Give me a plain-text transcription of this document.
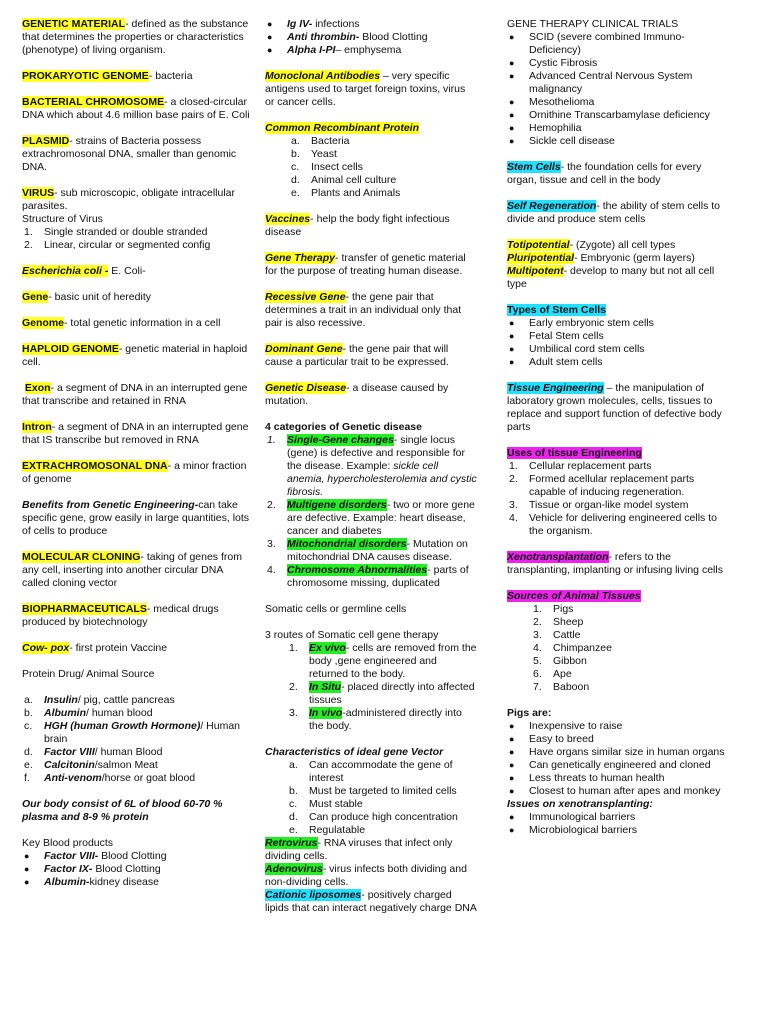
GENETIC MATERIAL- defined as the substance that determines the properties or characteristics (phenotype) of living organism.
PROKARYOTIC GENOME- bacteria
BACTERIAL CHROMOSOME- a closed-circular DNA which about 4.6 million base pairs of E. Coli
PLASMID- strains of Bacteria possess extrachromosonal DNA, smaller than genomic DNA.
VIRUS- sub microscopic, obligate intracellular parasites.
Structure of Virus
1.	Single stranded or double stranded
2.	Linear, circular or segmented config
Escherichia coli - E. Coli-
Gene- basic unit of heredity
Genome- total genetic information in a cell
HAPLOID GENOME- genetic material in haploid cell.
Exon- a segment of DNA in an interrupted gene that transcribe and retained in RNA
Intron- a segment of DNA in an interrupted gene that IS transcribe but removed in RNA
EXTRACHROMOSONAL DNA- a minor fraction of genome
Benefits from Genetic Engineering-can take specific gene, grow easily in large quantities, lots of cells to produce
MOLECULAR CLONING- taking of genes from any cell, inserting into another circular DNA called cloning vector
BIOPHARMACEUTICALS- medical drugs produced by biotechnology
Cow- pox- first protein Vaccine
Protein Drug/ Animal Source
a.	Insulin/ pig, cattle pancreas
b.	Albumin/ human blood
c.	HGH (human Growth Hormone)/ Human brain
d.	Factor VIII/ human Blood
e.	Calcitonin/salmon Meat
f.	Anti-venom/horse or goat blood
Our body consist of 6L of blood 60-70 % plasma and 8-9 % protein
Key Blood products
●	Factor VIII- Blood Clotting
●	Factor IX- Blood Clotting
●	Albumin-kidney disease
●	Ig IV- infections
●	Anti thrombin- Blood Clotting
●	Alpha I-PI– emphysema
Monoclonal Antibodies – very specific antigens used to target foreign toxins, virus or cancer cells.
Common Recombinant Protein
a.	Bacteria
b.	Yeast
c.	Insect cells
d.	Animal cell culture
e.	Plants and Animals
Vaccines- help the body fight infectious disease
Gene Therapy- transfer of genetic material for the purpose of treating human disease.
Recessive Gene- the gene pair that determines a trait in an individual only that pair is also recessive.
Dominant Gene- the gene pair that will cause a particular trait to be expressed.
Genetic Disease- a disease caused by mutation.
4 categories of Genetic disease
1.	Single-Gene changes- single locus (gene) is defective and responsible for the disease. Example: sickle cell anemia, hypercholesterolemia and cystic fibrosis.
2.	Multigene disorders- two or more gene are defective. Example: heart disease, cancer and diabetes
3.	Mitochondrial disorders- Mutation on mitochondrial DNA causes disease.
4.	Chromosome Abnormalities- parts of chromosome missing, duplicated
Somatic cells or germline cells
3 routes of Somatic cell gene therapy
1.	Ex vivo- cells are removed from the body ,gene engineered and returned to the body.
2.	In Situ- placed directly into affected tissues
3.	In vivo-administered directly into the body.
Characteristics of ideal gene Vector
a.	Can accommodate the gene of interest
b.	Must be targeted to limited cells
c.	Must stable
d.	Can produce high concentration
e.	Regulatable
Retrovirus- RNA viruses that infect only dividing cells.
Adenovirus- virus infects both dividing and non-dividing cells.
Cationic liposomes- positively charged lipids that can interact negatively charge DNA
GENE THERAPY CLINICAL TRIALS
●	SCID (severe combined Immuno-Deficiency)
●	Cystic Fibrosis
●	Advanced Central Nervous System malignancy
●	Mesothelioma
●	Ornithine Transcarbamylase deficiency
●	Hemophilia
●	Sickle cell disease
Stem Cells- the foundation cells for every organ, tissue and cell in the body
Self Regeneration- the ability of stem cells to divide and produce stem cells
Totipotential- (Zygote) all cell types
Pluripotential- Embryonic (germ layers)
Multipotent- develop to many but not all cell type
Types of Stem Cells
●	Early embryonic stem cells
●	Fetal Stem cells
●	Umbilical cord stem cells
●	Adult stem cells
Tissue Engineering – the manipulation of laboratory grown molecules, cells, tissues to replace and support function of defective body parts
Uses of tissue Engineering
1.	Cellular replacement parts
2.	Formed acellular replacement parts capable of inducing regeneration.
3.	Tissue or organ-like model system
4.	Vehicle for delivering engineered cells to the organism.
Xenotransplantation- refers to the transplanting, implanting or infusing living cells
Sources of Animal Tissues
1.	Pigs
2.	Sheep
3.	Cattle
4.	Chimpanzee
5.	Gibbon
6.	Ape
7.	Baboon
Pigs are:
●	Inexpensive to raise
●	Easy to breed
●	Have organs similar size in human organs
●	Can genetically engineered and cloned
●	Less threats to human health
●	Closest to human after apes and monkey
Issues on xenotransplanting:
●	Immunological barriers
●	Microbiological barriers
